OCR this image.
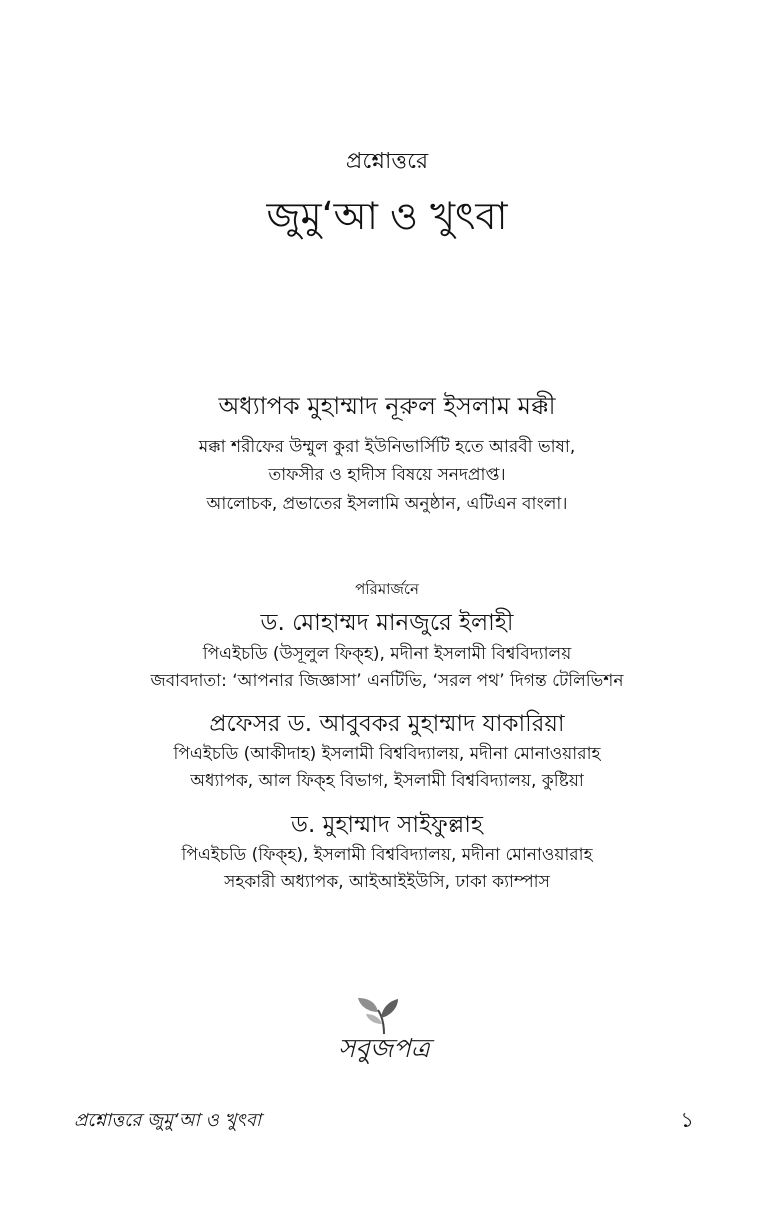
প্রশ্নোত্তরে
জুমু‘আ ও খুৎবা
অধ্যাপক মুহাম্মাদ নূরুল ইসলাম মক্কী
মক্কা শরীফের উম্মুল কুরা ইউনিভার্সিটি হতে আরবী ভাষা,
তাফসীর ও হাদীস বিষয়ে সনদপ্রাপ্ত।
আলোচক, প্রভাতের ইসলামি অনুষ্ঠান, এটিএন বাংলা।
পরিমার্জনে
ড. মোহাম্মদ মানজুরে ইলাহী
পিএইচডি (উসূলুল ফিক্হ), মদীনা ইসলামী বিশ্ববিদ্যালয়
জবাবদাতা: ‘আপনার জিজ্ঞাসা’ এনটিভি, ‘সরল পথ’ দিগন্ত টেলিভিশন
প্রফেসর ড. আবুবকর মুহাম্মাদ যাকারিয়া
পিএইচডি (আকীদাহ) ইসলামী বিশ্ববিদ্যালয়, মদীনা মোনাওয়ারাহ
অধ্যাপক, আল ফিক্হ বিভাগ, ইসলামী বিশ্ববিদ্যালয়, কুষ্টিয়া
ড. মুহাম্মাদ সাইফুল্লাহ
পিএইচডি (ফিক্হ), ইসলামী বিশ্ববিদ্যালয়, মদীনা মোনাওয়ারাহ
সহকারী অধ্যাপক, আইআইইউসি, ঢাকা ক্যাম্পাস
সবুজপত্র
প্রশ্নোত্তরে জুমু‘আ ও খুৎবা	১
